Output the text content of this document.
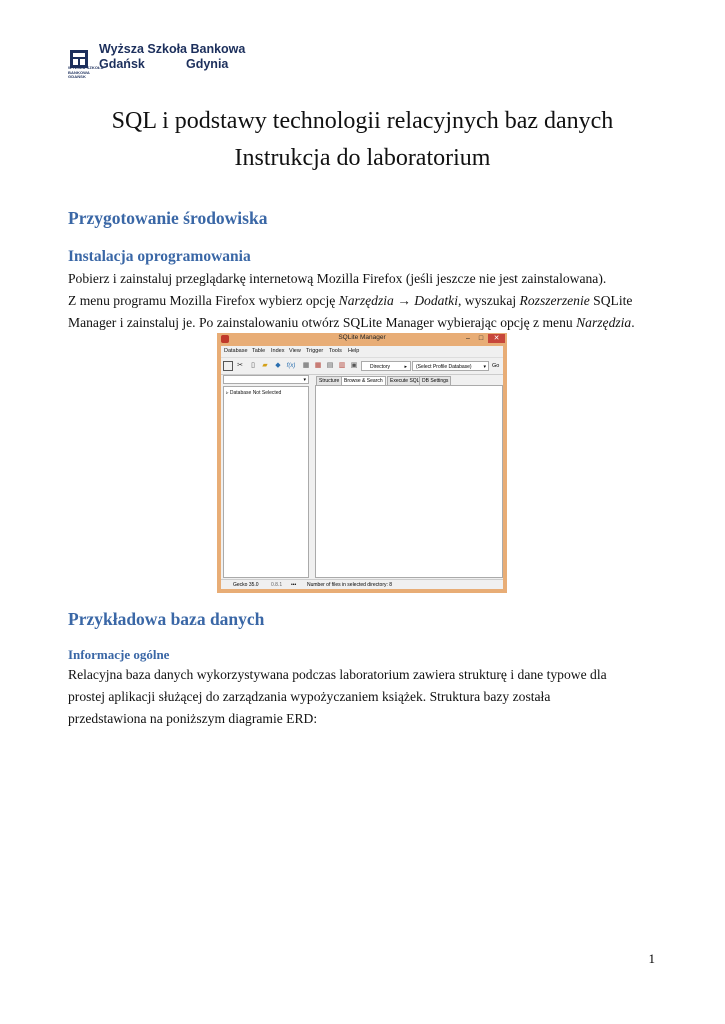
WYŻSZA SZKOŁA
BANKOWA
GDAŃSK
Wyższa Szkoła Bankowa
Gdańsk	Gdynia
SQL i podstawy technologii relacyjnych baz danych
Instrukcja do laboratorium
Przygotowanie środowiska
Instalacja oprogramowania
Pobierz i zainstaluj przeglądarkę internetową Mozilla Firefox (jeśli jeszcze nie jest zainstalowana).
Z menu programu Mozilla Firefox wybierz opcję Narzędzia → Dodatki, wyszukaj Rozszerzenie SQLite
Manager i zainstaluj je. Po zainstalowaniu otwórz SQLite Manager wybierając opcję z menu Narzędzia.
SQLite Manager	–	□	✕
Database Table Index View Trigger Tools Help
✂	▯	▰	◆ f(x) ▦ ▦ ▤ ▥ ▣	Directory	▸	(Select Profile Database) ▾ Go
▾
▹ Database Not Selected
Structure Browse & Search	Execute SQL DB Settings
Gecko 35.0 0.8.1 ••• Number of files in selected directory: 8
Przykładowa baza danych
Informacje ogólne
Relacyjna baza danych wykorzystywana podczas laboratorium zawiera strukturę i dane typowe dla
prostej aplikacji służącej do zarządzania wypożyczaniem książek. Struktura bazy została
przedstawiona na poniższym diagramie ERD:
1
